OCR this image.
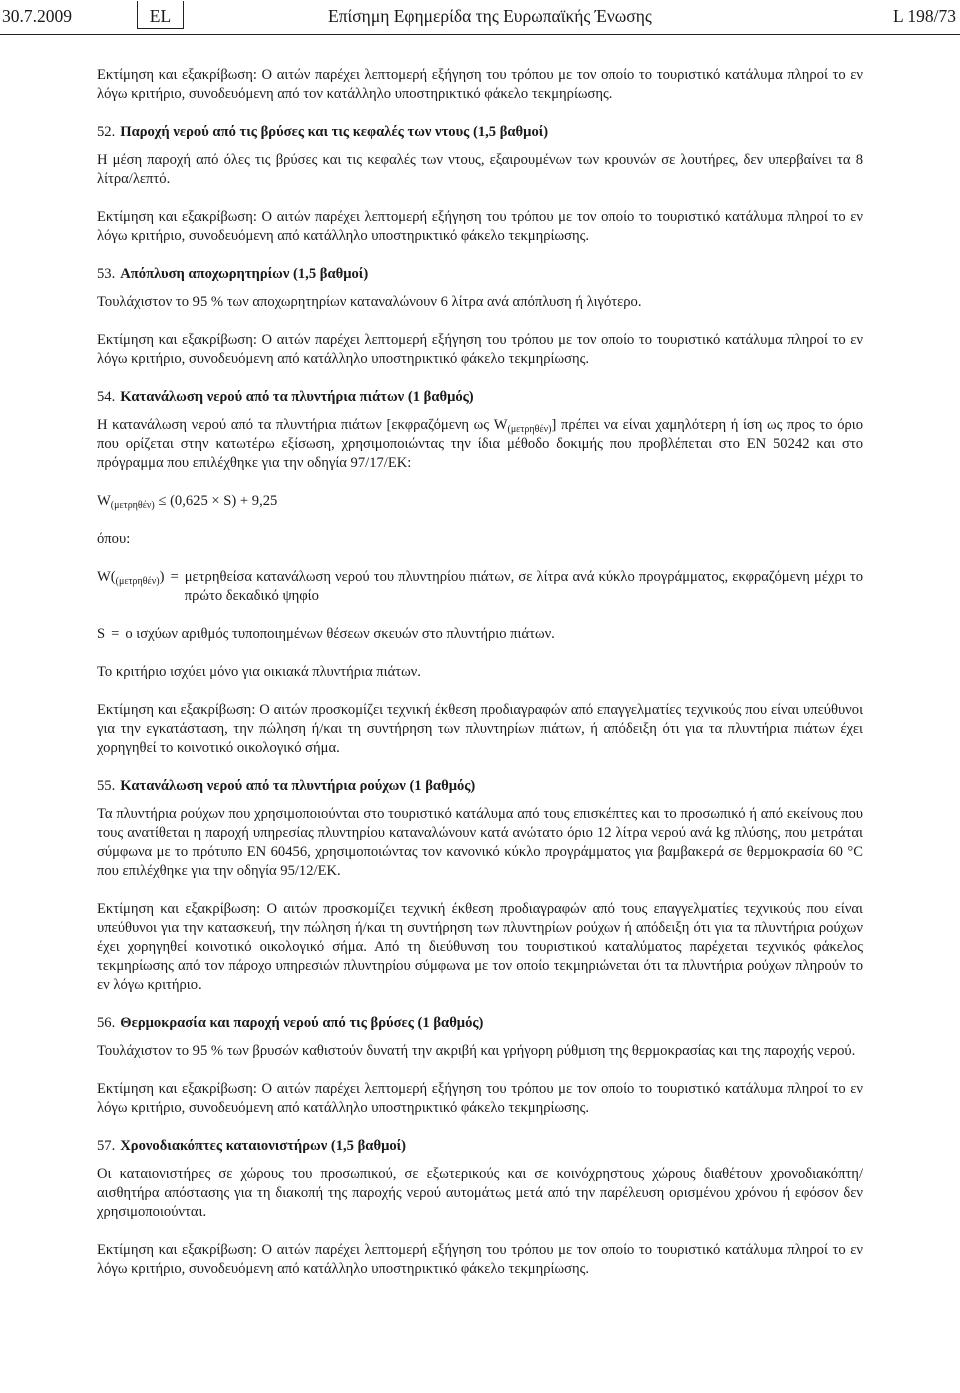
30.7.2009	EL	Επίσημη Εφημερίδα της Ευρωπαϊκής Ένωσης	L 198/73

Εκτίμηση και εξακρίβωση: Ο αιτών παρέχει λεπτομερή εξήγηση του τρόπου με τον οποίο το τουριστικό κατάλυμα πληροί το εν λόγω κριτήριο, συνοδευόμενη από τον κατάλληλο υποστηρικτικό φάκελο τεκμηρίωσης.

52. Παροχή νερού από τις βρύσες και τις κεφαλές των ντους (1,5 βαθμοί)

Η μέση παροχή από όλες τις βρύσες και τις κεφαλές των ντους, εξαιρουμένων των κρουνών σε λουτήρες, δεν υπερβαίνει τα 8 λίτρα/λεπτό.

Εκτίμηση και εξακρίβωση: Ο αιτών παρέχει λεπτομερή εξήγηση του τρόπου με τον οποίο το τουριστικό κατάλυμα πληροί το εν λόγω κριτήριο, συνοδευόμενη από κατάλληλο υποστηρικτικό φάκελο τεκμηρίωσης.

53. Απόπλυση αποχωρητηρίων (1,5 βαθμοί)

Τουλάχιστον το 95 % των αποχωρητηρίων καταναλώνουν 6 λίτρα ανά απόπλυση ή λιγότερο.

Εκτίμηση και εξακρίβωση: Ο αιτών παρέχει λεπτομερή εξήγηση του τρόπου με τον οποίο το τουριστικό κατάλυμα πληροί το εν λόγω κριτήριο, συνοδευόμενη από κατάλληλο υποστηρικτικό φάκελο τεκμηρίωσης.

54. Κατανάλωση νερού από τα πλυντήρια πιάτων (1 βαθμός)

Η κατανάλωση νερού από τα πλυντήρια πιάτων [εκφραζόμενη ως $W_{(\mu\varepsilon\tau\rho\eta\theta έ\nu)}$] πρέπει να είναι χαμηλότερη ή ίση ως προς το όριο που ορίζεται στην κατωτέρω εξίσωση, χρησιμοποιώντας την ίδια μέθοδο δοκιμής που προβλέπεται στο EN 50242 και στο πρόγραμμα που επιλέχθηκε για την οδηγία 97/17/ΕΚ:

$W_{(\mu\varepsilon\tau\rho\eta\theta έ\nu)} \le (0,625 \times S) + 9,25$

όπου:

$W(_{(\mu\varepsilon\tau\rho\eta\theta έ\nu)}) = \mu\varepsilon\tau\rho\eta\theta\varepsilon ί\sigma\alpha$ κατανάλωση νερού του πλυντηρίου πιάτων, σε λίτρα ανά κύκλο προγράμματος, εκφραζόμενη μέχρι το πρώτο δεκαδικό ψηφίο
S = ο ισχύων αριθμός τυποποιημένων θέσεων σκευών στο πλυντήριο πιάτων.

Το κριτήριο ισχύει μόνο για οικιακά πλυντήρια πιάτων.

Εκτίμηση και εξακρίβωση: Ο αιτών προσκομίζει τεχνική έκθεση προδιαγραφών από επαγγελματίες τεχνικούς που είναι υπεύθυνοι για την εγκατάσταση, την πώληση ή/και τη συντήρηση των πλυντηρίων πιάτων, ή απόδειξη ότι για τα πλυντήρια πιάτων έχει χορηγηθεί το κοινοτικό οικολογικό σήμα.

55. Κατανάλωση νερού από τα πλυντήρια ρούχων (1 βαθμός)

Τα πλυντήρια ρούχων που χρησιμοποιούνται στο τουριστικό κατάλυμα από τους επισκέπτες και το προσωπικό ή από εκείνους που τους ανατίθεται η παροχή υπηρεσίας πλυντηρίου καταναλώνουν κατά ανώτατο όριο 12 λίτρα νερού ανά kg πλύσης, που μετράται σύμφωνα με το πρότυπο EN 60456, χρησιμοποιώντας τον κανονικό κύκλο προγράμματος για βαμβακερά σε θερμοκρασία 60 °C που επιλέχθηκε για την οδηγία 95/12/ΕΚ.

Εκτίμηση και εξακρίβωση: Ο αιτών προσκομίζει τεχνική έκθεση προδιαγραφών από τους επαγγελματίες τεχνικούς που είναι υπεύθυνοι για την κατασκευή, την πώληση ή/και τη συντήρηση των πλυντηρίων ρούχων ή απόδειξη ότι για τα πλυντήρια ρούχων έχει χορηγηθεί κοινοτικό οικολογικό σήμα. Από τη διεύθυνση του τουριστικού καταλύματος παρέχεται τεχνικός φάκελος τεκμηρίωσης από τον πάροχο υπηρεσιών πλυντηρίου σύμφωνα με τον οποίο τεκμηριώνεται ότι τα πλυντήρια ρούχων πληρούν το εν λόγω κριτήριο.

56. Θερμοκρασία και παροχή νερού από τις βρύσες (1 βαθμός)

Τουλάχιστον το 95 % των βρυσών καθιστούν δυνατή την ακριβή και γρήγορη ρύθμιση της θερμοκρασίας και της παροχής νερού.

Εκτίμηση και εξακρίβωση: Ο αιτών παρέχει λεπτομερή εξήγηση του τρόπου με τον οποίο το τουριστικό κατάλυμα πληροί το εν λόγω κριτήριο, συνοδευόμενη από κατάλληλο υποστηρικτικό φάκελο τεκμηρίωσης.

57. Χρονοδιακόπτες καταιονιστήρων (1,5 βαθμοί)

Οι καταιονιστήρες σε χώρους του προσωπικού, σε εξωτερικούς και σε κοινόχρηστους χώρους διαθέτουν χρονοδιακόπτη/αισθητήρα απόστασης για τη διακοπή της παροχής νερού αυτομάτως μετά από την παρέλευση ορισμένου χρόνου ή εφόσον δεν χρησιμοποιούνται.

Εκτίμηση και εξακρίβωση: Ο αιτών παρέχει λεπτομερή εξήγηση του τρόπου με τον οποίο το τουριστικό κατάλυμα πληροί το εν λόγω κριτήριο, συνοδευόμενη από κατάλληλο υποστηρικτικό φάκελο τεκμηρίωσης.
